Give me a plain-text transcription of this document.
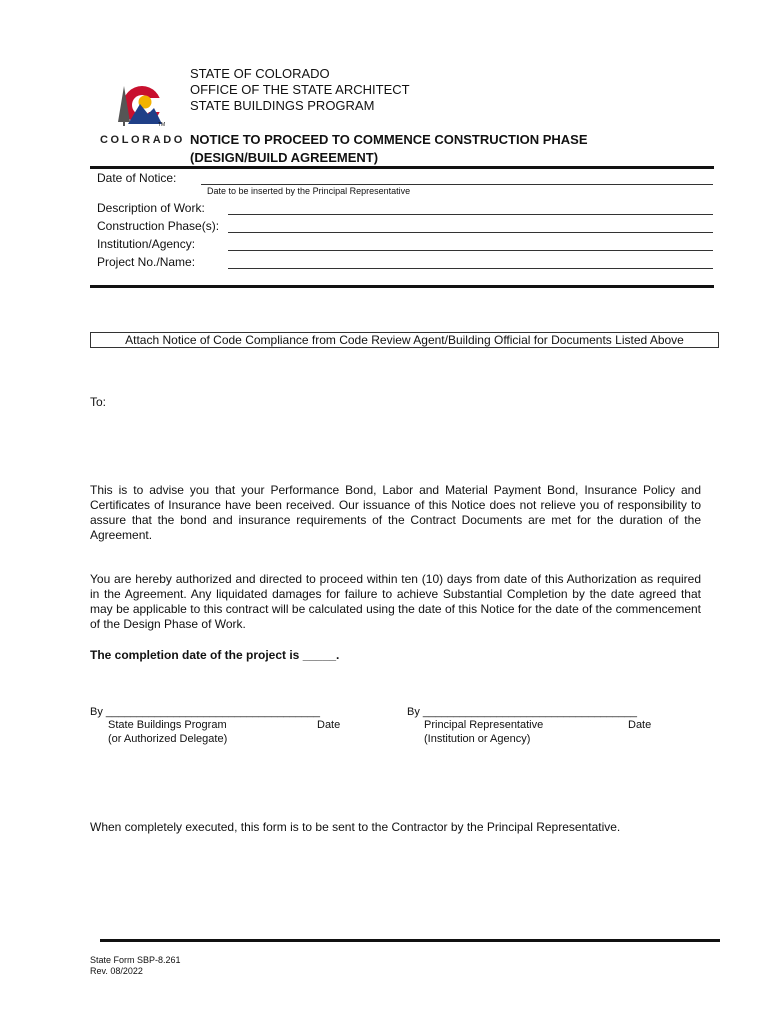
TM
COLORADO
STATE OF COLORADO
OFFICE OF THE STATE ARCHITECT
STATE BUILDINGS PROGRAM
NOTICE TO PROCEED TO COMMENCE CONSTRUCTION PHASE
(DESIGN/BUILD AGREEMENT)
Date of Notice:
Date to be inserted by the Principal Representative
Description of Work:
Construction Phase(s):
Institution/Agency:
Project No./Name:
Attach Notice of Code Compliance from Code Review Agent/Building Official for Documents Listed Above
To:
This is to advise you that your Performance Bond, Labor and Material Payment Bond, Insurance Policy and Certificates of Insurance have been received. Our issuance of this Notice does not relieve you of responsibility to assure that the bond and insurance requirements of the Contract Documents are met for the duration of the Agreement.
You are hereby authorized and directed to proceed within ten (10) days from date of this Authorization as required in the Agreement. Any liquidated damages for failure to achieve Substantial Completion by the date agreed that may be applicable to this contract will be calculated using the date of this Notice for the date of the commencement of the Design Phase of Work.
The completion date of the project is _____.
By ___________________________________
State Buildings Program
(or Authorized Delegate)
Date
By ___________________________________
Principal Representative
(Institution or Agency)
Date
When completely executed, this form is to be sent to the Contractor by the Principal Representative.
State Form SBP-8.261
Rev. 08/2022
